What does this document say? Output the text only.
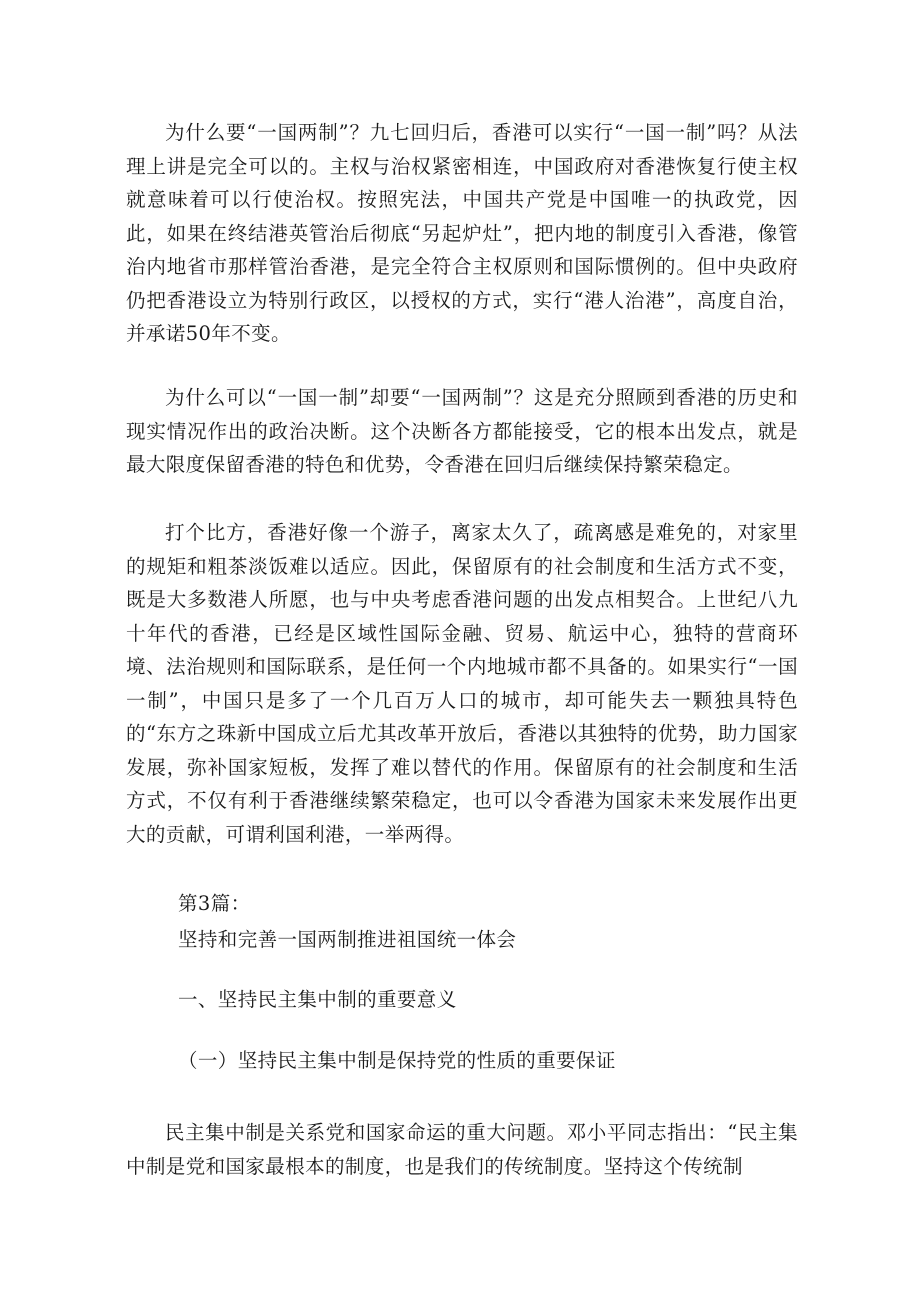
为什么要“一国两制”？九七回归后，香港可以实行“一国一制”吗？从法理上讲是完全可以的。主权与治权紧密相连，中国政府对香港恢复行使主权就意味着可以行使治权。按照宪法，中国共产党是中国唯一的执政党，因此，如果在终结港英管治后彻底“另起炉灶”，把内地的制度引入香港，像管治内地省市那样管治香港，是完全符合主权原则和国际惯例的。但中央政府仍把香港设立为特别行政区，以授权的方式，实行“港人治港”，高度自治，并承诺50年不变。

为什么可以“一国一制”却要“一国两制”？这是充分照顾到香港的历史和现实情况作出的政治决断。这个决断各方都能接受，它的根本出发点，就是最大限度保留香港的特色和优势，令香港在回归后继续保持繁荣稳定。

打个比方，香港好像一个游子，离家太久了，疏离感是难免的，对家里的规矩和粗茶淡饭难以适应。因此，保留原有的社会制度和生活方式不变，既是大多数港人所愿，也与中央考虑香港问题的出发点相契合。上世纪八九十年代的香港，已经是区域性国际金融、贸易、航运中心，独特的营商环境、法治规则和国际联系，是任何一个内地城市都不具备的。如果实行“一国一制”，中国只是多了一个几百万人口的城市，却可能失去一颗独具特色的“东方之珠新中国成立后尤其改革开放后，香港以其独特的优势，助力国家发展，弥补国家短板，发挥了难以替代的作用。保留原有的社会制度和生活方式，不仅有利于香港继续繁荣稳定，也可以令香港为国家未来发展作出更大的贡献，可谓利国利港，一举两得。

第3篇：

坚持和完善一国两制推进祖国统一体会

一、坚持民主集中制的重要意义

（一）坚持民主集中制是保持党的性质的重要保证

民主集中制是关系党和国家命运的重大问题。邓小平同志指出：“民主集中制是党和国家最根本的制度，也是我们的传统制度。坚持这个传统制
